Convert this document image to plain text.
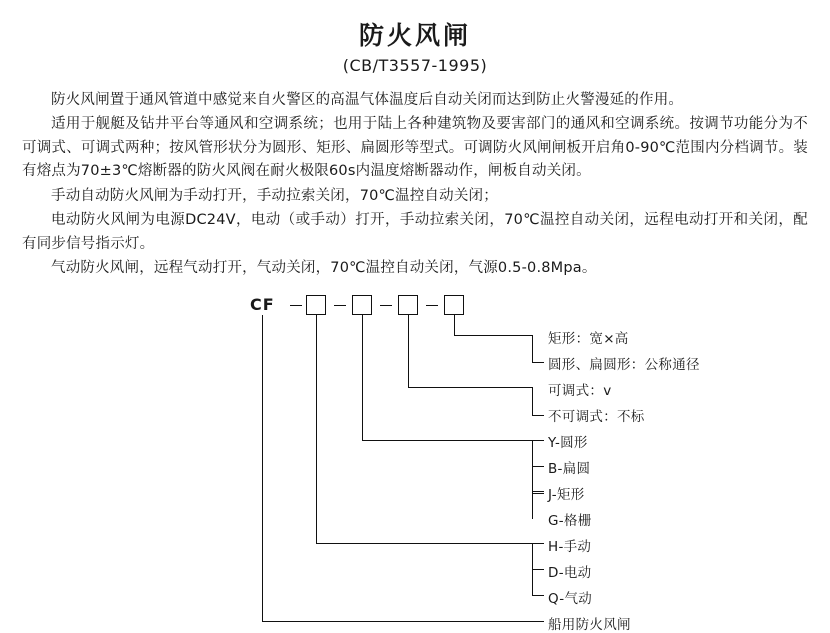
防火风闸
(CB/T3557-1995)

防火风闸置于通风管道中感觉来自火警区的高温气体温度后自动关闭而达到防止火警漫延的作用。

适用于舰艇及钻井平台等通风和空调系统；也用于陆上各种建筑物及要害部门的通风和空调系统。按调节功能分为不可调式、可调式两种；按风管形状分为圆形、矩形、扁圆形等型式。可调防火风闸闸板开启角0-90℃范围内分档调节。装有熔点为70±3℃熔断器的防火风阀在耐火极限60s内温度熔断器动作，闸板自动关闭。

手动自动防火风闸为手动打开，手动拉索关闭，70℃温控自动关闭；

电动防火风闸为电源DC24V，电动（或手动）打开，手动拉索关闭，70℃温控自动关闭，远程电动打开和关闭，配有同步信号指示灯。

气动防火风闸，远程气动打开，气动关闭，70℃温控自动关闭，气源0.5-0.8Mpa。

CF
矩形：宽×高
圆形、扁圆形：公称通径
可调式：v
不可调式：不标
Y-圆形
B-扁圆
J-矩形
G-格栅
H-手动
D-电动
Q-气动
船用防火风闸
